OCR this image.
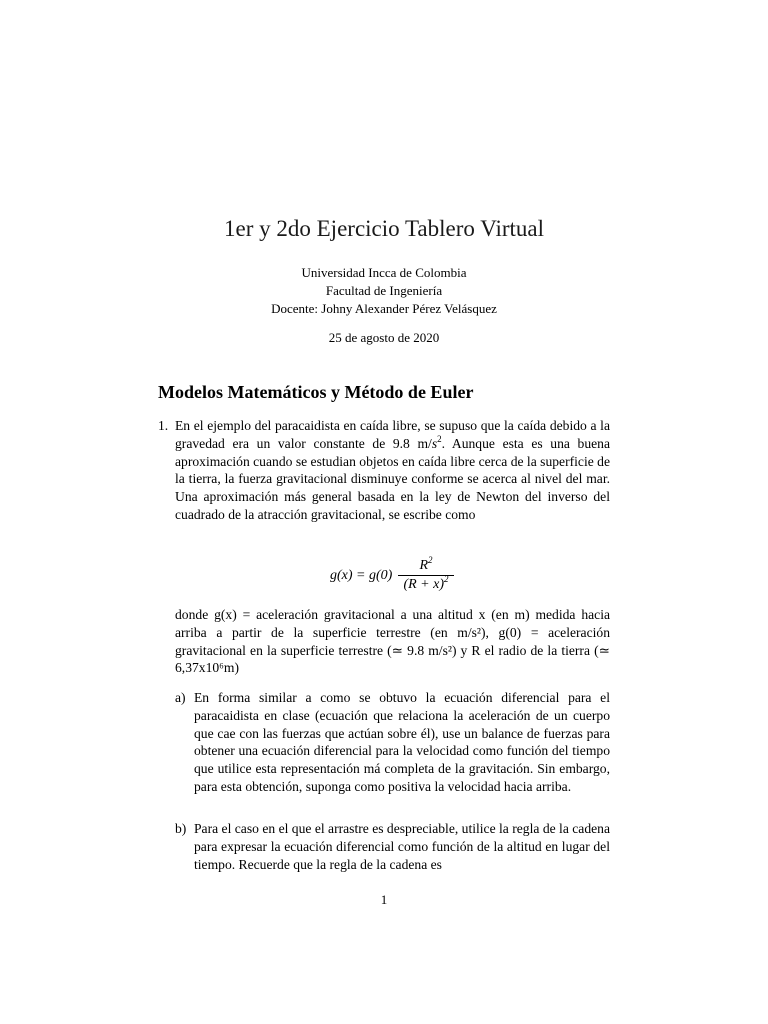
1er y 2do Ejercicio Tablero Virtual
Universidad Incca de Colombia
Facultad de Ingeniería
Docente: Johny Alexander Pérez Velásquez
25 de agosto de 2020
Modelos Matemáticos y Método de Euler
1. En el ejemplo del paracaidista en caída libre, se supuso que la caída debido a la gravedad era un valor constante de 9.8 $m/s^2$. Aunque esta es una buena aproximación cuando se estudian objetos en caída libre cerca de la superficie de la tierra, la fuerza gravitacional disminuye conforme se acerca al nivel del mar. Una aproximación más general basada en la ley de Newton del inverso del cuadrado de la atracción gravitacional, se escribe como
g(x) = g(0)
$R^2$
$(R + x)^2$
donde g(x) = aceleración gravitacional a una altitud x (en m) medida hacia arriba a partir de la superficie terrestre (en m/s²), g(0) = aceleración gravitacional en la superficie terrestre (≃ 9.8 m/s²) y R el radio de la tierra (≃ 6,37x10⁶m)
a) En forma similar a como se obtuvo la ecuación diferencial para el paracaidista en clase (ecuación que relaciona la aceleración de un cuerpo que cae con las fuerzas que actúan sobre él), use un balance de fuerzas para obtener una ecuación diferencial para la velocidad como función del tiempo que utilice esta representación má completa de la gravitación. Sin embargo, para esta obtención, suponga como positiva la velocidad hacia arriba.
b) Para el caso en el que el arrastre es despreciable, utilice la regla de la cadena para expresar la ecuación diferencial como función de la altitud en lugar del tiempo. Recuerde que la regla de la cadena es
1
